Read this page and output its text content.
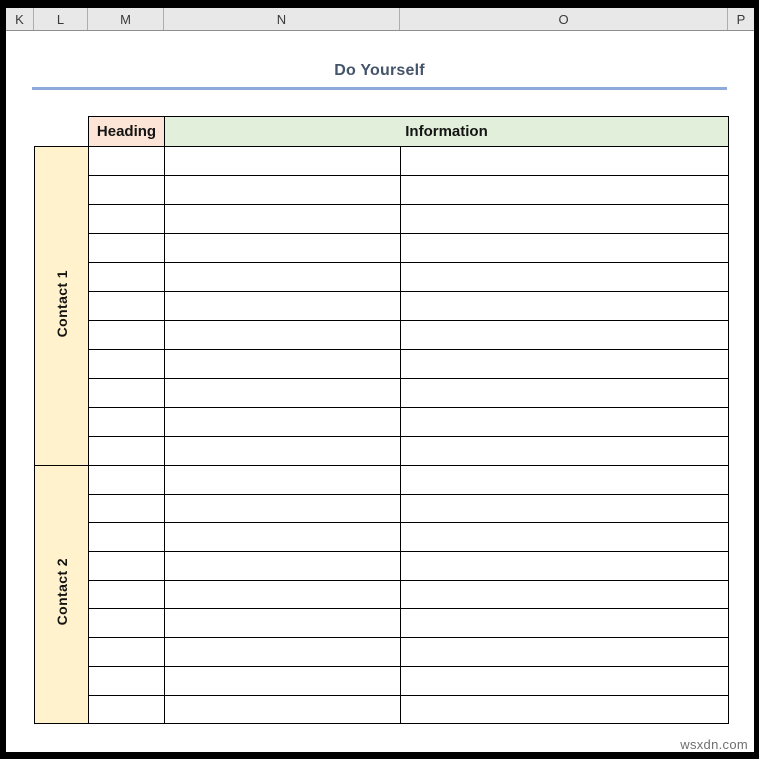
K	L	M	N	O	P
Do Yourself
	Heading	Information	
Contact 1			

Contact 2			

wsxdn.com
